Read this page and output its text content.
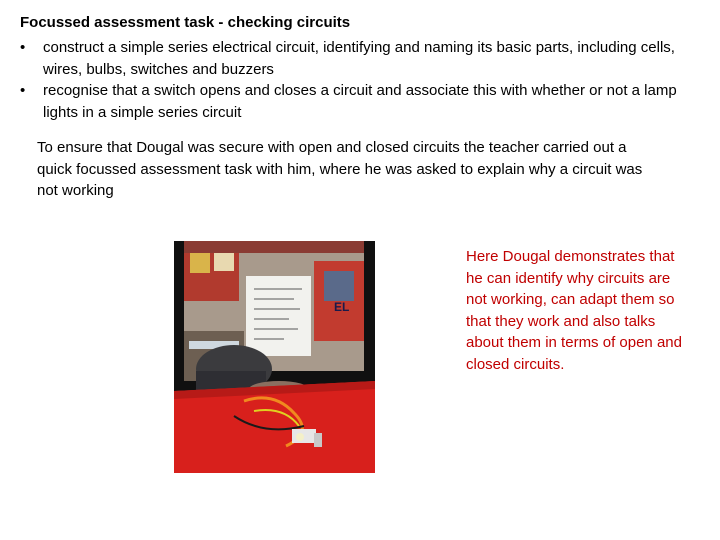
Focussed assessment task - checking circuits
• construct a simple series electrical circuit, identifying and naming its basic parts, including cells, wires, bulbs, switches and buzzers
• recognise that a switch opens and closes a circuit and associate this with whether or not a lamp lights in a simple series circuit
To ensure that Dougal was secure with open and closed circuits the teacher carried out a quick focussed assessment task with him, where he was asked to explain why a circuit was not working
EL
Here Dougal demonstrates that he can identify why circuits are not working, can adapt them so that they work and also talks about them in terms of open and closed circuits.
